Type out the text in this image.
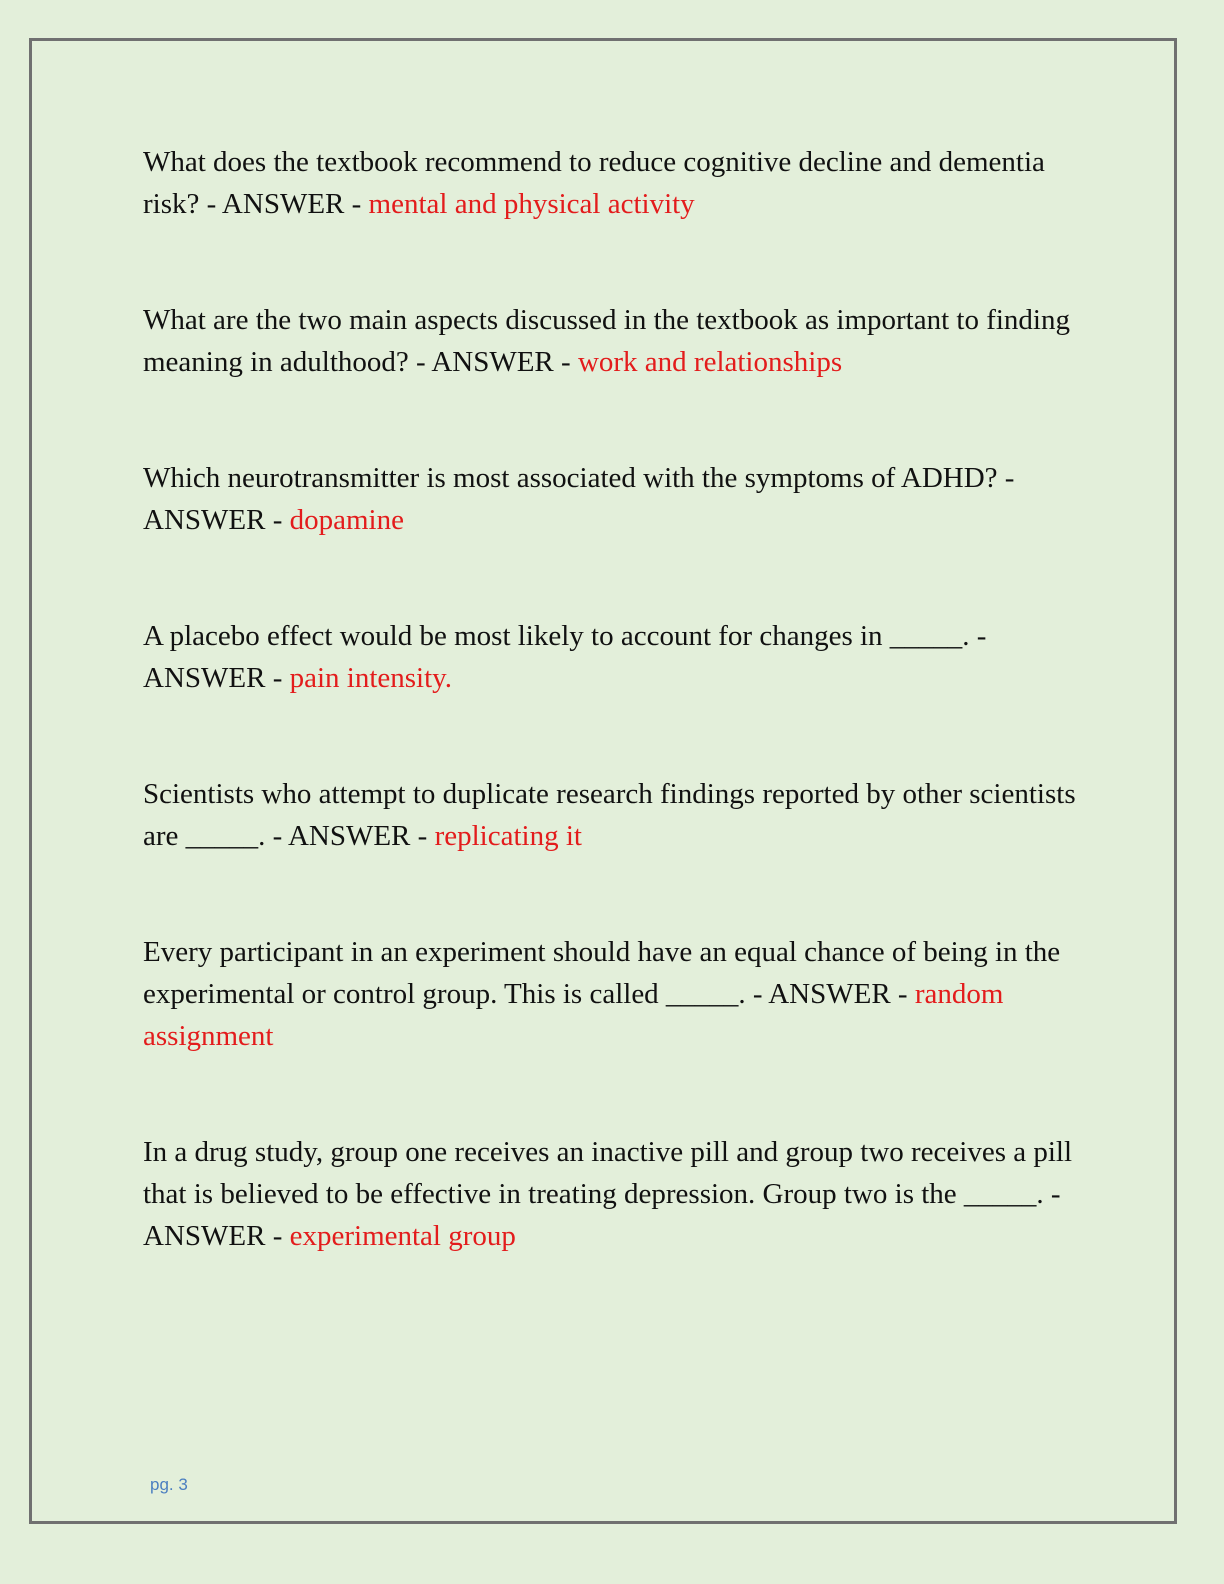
What does the textbook recommend to reduce cognitive decline and dementia risk? - ANSWER - mental and physical activity
What are the two main aspects discussed in the textbook as important to finding meaning in adulthood? - ANSWER - work and relationships
Which neurotransmitter is most associated with the symptoms of ADHD? - ANSWER - dopamine
A placebo effect would be most likely to account for changes in _____. - ANSWER - pain intensity.
Scientists who attempt to duplicate research findings reported by other scientists are _____. - ANSWER - replicating it
Every participant in an experiment should have an equal chance of being in the experimental or control group. This is called _____. - ANSWER - random assignment
In a drug study, group one receives an inactive pill and group two receives a pill that is believed to be effective in treating depression. Group two is the _____. - ANSWER - experimental group
pg. 3
